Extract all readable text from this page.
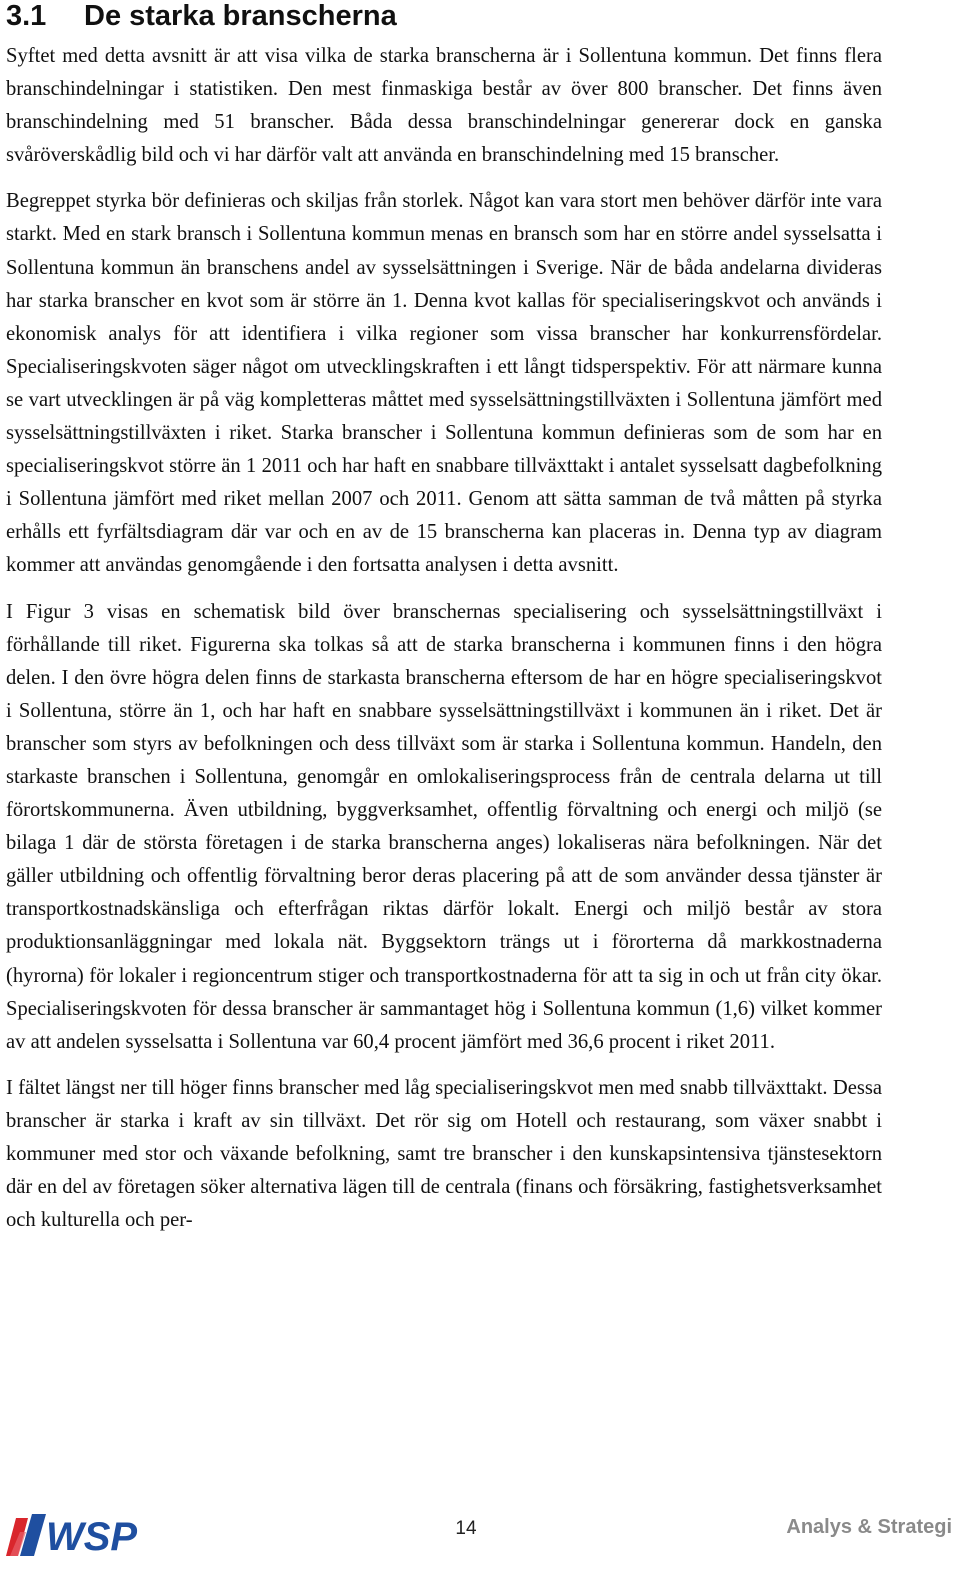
3.1 De starka branscherna

Syftet med detta avsnitt är att visa vilka de starka branscherna är i Sollentuna kommun. Det finns flera branschindelningar i statistiken. Den mest finmaskiga består av över 800 branscher. Det finns även branschindelning med 51 branscher. Båda dessa branschindelningar genererar dock en ganska svåröverskådlig bild och vi har därför valt att använda en branschindelning med 15 branscher.

Begreppet styrka bör definieras och skiljas från storlek. Något kan vara stort men behöver därför inte vara starkt. Med en stark bransch i Sollentuna kommun menas en bransch som har en större andel sysselsatta i Sollentuna kommun än branschens andel av sysselsättningen i Sverige. När de båda andelarna divideras har starka branscher en kvot som är större än 1. Denna kvot kallas för specialiseringskvot och används i ekonomisk analys för att identifiera i vilka regioner som vissa branscher har konkurrensfördelar. Specialiseringskvoten säger något om utvecklingskraften i ett långt tidsperspektiv. För att närmare kunna se vart utvecklingen är på väg kompletteras måttet med sysselsättningstillväxten i Sollentuna jämfört med sysselsättningstillväxten i riket. Starka branscher i Sollentuna kommun definieras som de som har en specialiseringskvot större än 1 2011 och har haft en snabbare tillväxttakt i antalet sysselsatt dagbefolkning i Sollentuna jämfört med riket mellan 2007 och 2011. Genom att sätta samman de två måtten på styrka erhålls ett fyrfältsdiagram där var och en av de 15 branscherna kan placeras in. Denna typ av diagram kommer att användas genomgående i den fortsatta analysen i detta avsnitt.

I Figur 3 visas en schematisk bild över branschernas specialisering och sysselsättningstillväxt i förhållande till riket. Figurerna ska tolkas så att de starka branscherna i kommunen finns i den högra delen. I den övre högra delen finns de starkasta branscherna eftersom de har en högre specialiseringskvot i Sollentuna, större än 1, och har haft en snabbare sysselsättningstillväxt i kommunen än i riket. Det är branscher som styrs av befolkningen och dess tillväxt som är starka i Sollentuna kommun. Handeln, den starkaste branschen i Sollentuna, genomgår en omlokaliseringsprocess från de centrala delarna ut till förortskommunerna. Även utbildning, byggverksamhet, offentlig förvaltning och energi och miljö (se bilaga 1 där de största företagen i de starka branscherna anges) lokaliseras nära befolkningen. När det gäller utbildning och offentlig förvaltning beror deras placering på att de som använder dessa tjänster är transportkostnadskänsliga och efterfrågan riktas därför lokalt. Energi och miljö består av stora produktionsanläggningar med lokala nät. Byggsektorn trängs ut i förorterna då markkostnaderna (hyrorna) för lokaler i regioncentrum stiger och transportkostnaderna för att ta sig in och ut från city ökar. Specialiseringskvoten för dessa branscher är sammantaget hög i Sollentuna kommun (1,6) vilket kommer av att andelen sysselsatta i Sollentuna var 60,4 procent jämfört med 36,6 procent i riket 2011.

I fältet längst ner till höger finns branscher med låg specialiseringskvot men med snabb tillväxttakt. Dessa branscher är starka i kraft av sin tillväxt. Det rör sig om Hotell och restaurang, som växer snabbt i kommuner med stor och växande befolkning, samt tre branscher i den kunskapsintensiva tjänstesektorn där en del av företagen söker alternativa lägen till de centrala (finans och försäkring, fastighetsverksamhet och kulturella och per-

WSP	14	Analys & Strategi
